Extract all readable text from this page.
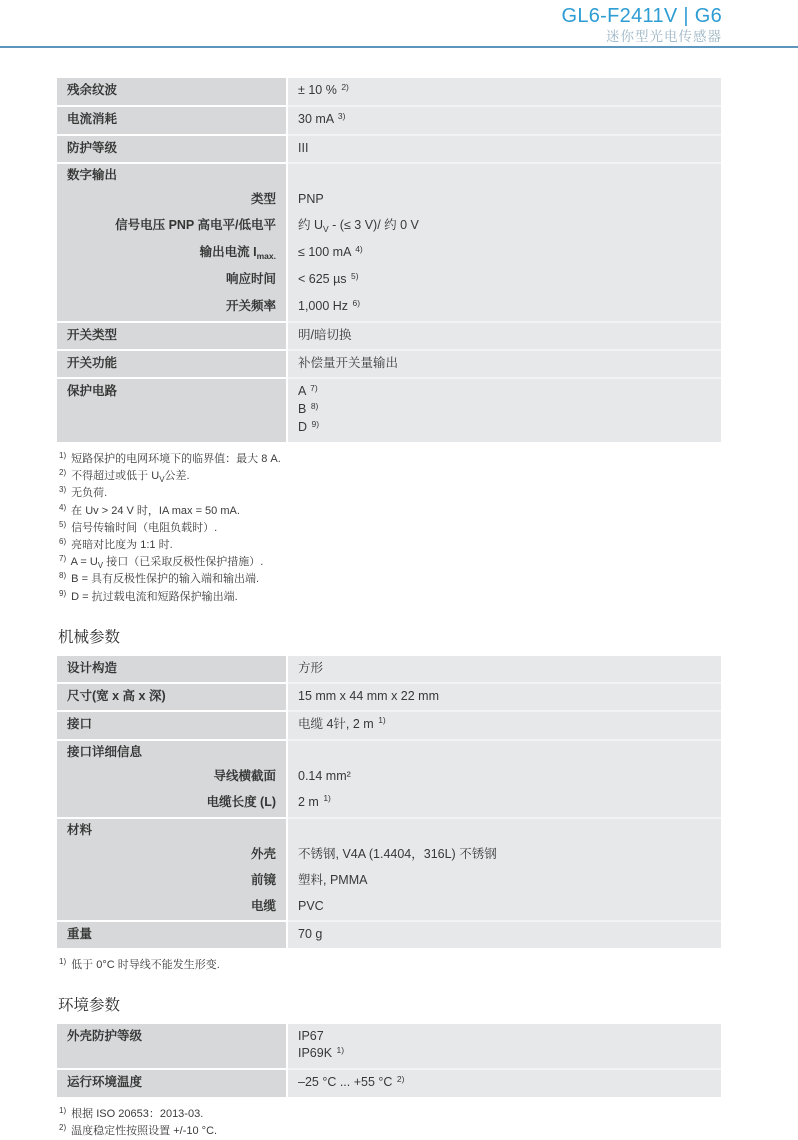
GL6-F2411V | G6
迷你型光电传感器
残余纹波	± 10 % $^{2)}$
电流消耗	30 mA $^{3)}$
防护等级	III
数字输出
类型	PNP
信号电压 PNP 高电平/低电平	约 $U_V$ - (≤ 3 V)/ 约 0 V
输出电流 $I_{max.}$	≤ 100 mA $^{4)}$
响应时间	< 625 µs $^{5)}$
开关频率	1,000 Hz $^{6)}$
开关类型	明/暗切换
开关功能	补偿量开关量输出
保护电路	A $^{7)}$
B $^{8)}$
D $^{9)}$
$^{1)}$ 短路保护的电网环境下的临界值：最大 8 A.
$^{2)}$ 不得超过或低于 $U_V$公差.
$^{3)}$ 无负荷.
$^{4)}$ 在 Uv > 24 V 时，IA max = 50 mA.
$^{5)}$ 信号传输时间（电阻负载时）.
$^{6)}$ 亮暗对比度为 1:1 时.
$^{7)}$ $A = U_V$ 接口（已采取反极性保护措施）.
$^{8)}$ B = 具有反极性保护的输入端和输出端.
$^{9)}$ D = 抗过载电流和短路保护输出端.
机械参数
设计构造	方形
尺寸(宽 x 高 x 深)	15 mm x 44 mm x 22 mm
接口	电缆 4针, 2 m $^{1)}$
接口详细信息
导线横截面	0.14 mm²
电缆长度 (L)	2 m $^{1)}$
材料
外壳	不锈钢, V4A (1.4404，316L) 不锈钢
前镜	塑料, PMMA
电缆	PVC
重量	70 g
$^{1)}$ 低于 0°C 时导线不能发生形变.
环境参数
外壳防护等级	IP67
IP69K $^{1)}$
运行环境温度	–25 °C ... +55 °C $^{2)}$
$^{1)}$ 根据 ISO 20653：2013-03.
$^{2)}$ 温度稳定性按照设置 +/-10 °C.
